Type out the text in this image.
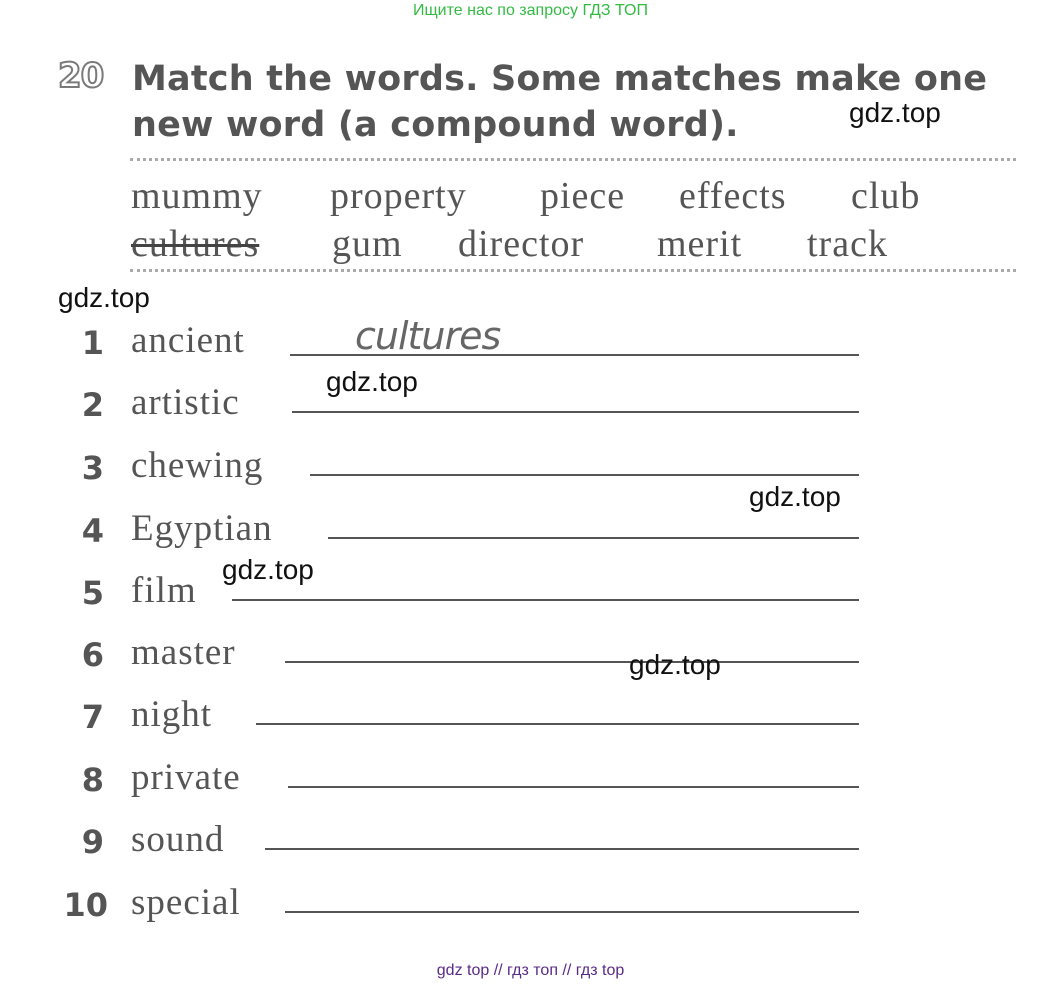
Ищите нас по запросу ГДЗ ТОП
20 Match the words. Some matches make one
new word (a compound word).
mummy property piece effects club
cultures gum director merit track
1 ancient	cultures
2 artistic
3 chewing
4 Egyptian
5 film
6 master
7 night
8 private
9 sound
10 special
gdz.top
gdz.top
gdz.top
gdz.top
gdz.top
gdz.top
gdz top // гдз топ // гдз top
